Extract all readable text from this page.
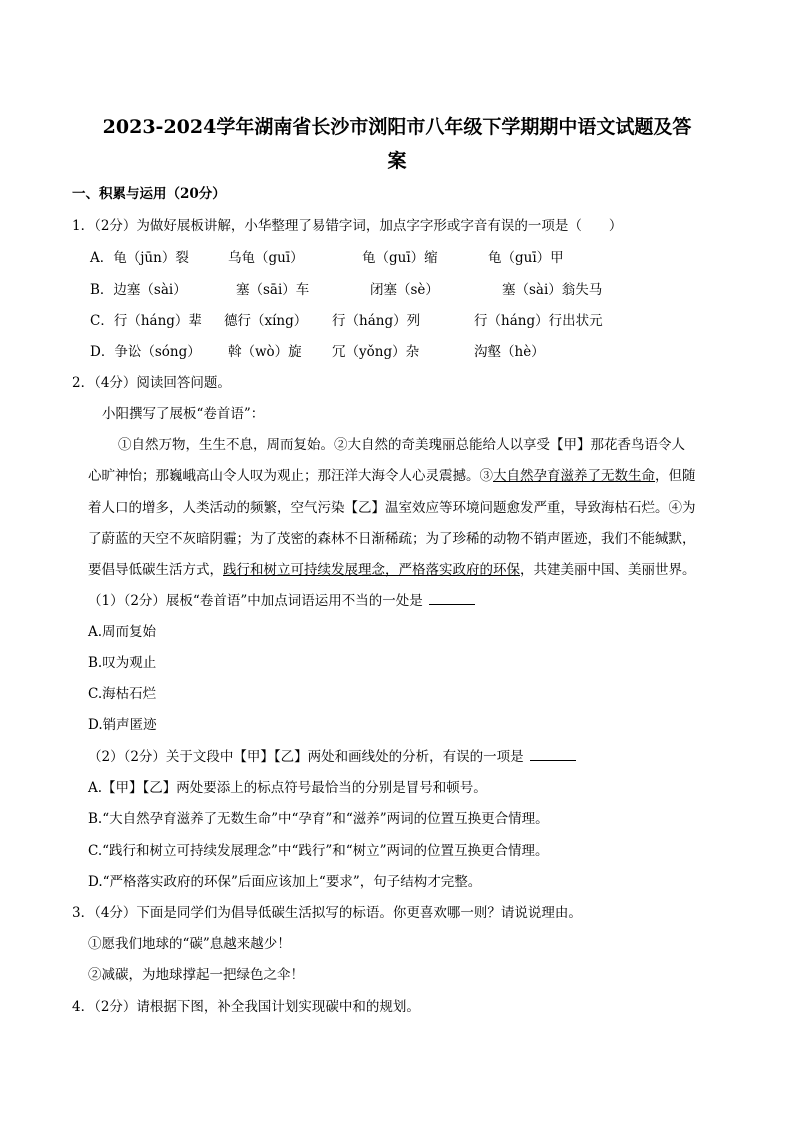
2023-2024学年湖南省长沙市浏阳市八年级下学期期中语文试题及答
案
一、积累与运用（20分）
1．（2分）为做好展板讲解，小华整理了易错字词，加点字字形或字音有误的一项是（　　）
A．龟（jūn）裂	乌龟（guī）	龟（guī）缩	龟（guī）甲
B．边塞（sài）	塞（sāi）车	闭塞（sè）	塞（sài）翁失马
C．行（háng）辈 德行（xíng） 行（háng）列	行（háng）行出状元
D．争讼（sóng） 斡（wò）旋 冗（yǒng）杂	沟壑（hè）
2．（4分）阅读回答问题。
小阳撰写了展板“卷首语”：
①自然万物，生生不息，周而复始。②大自然的奇美瑰丽总能给人以享受【甲】那花香鸟语令人
心旷神怡；那巍峨高山令人叹为观止；那汪洋大海令人心灵震撼。③大自然孕育滋养了无数生命，但随
着人口的增多，人类活动的频繁，空气污染【乙】温室效应等环境问题愈发严重，导致海枯石烂。④为
了蔚蓝的天空不灰暗阴霾；为了茂密的森林不日渐稀疏；为了珍稀的动物不销声匿迹，我们不能缄默，
要倡导低碳生活方式，践行和树立可持续发展理念，严格落实政府的环保，共建美丽中国、美丽世界。
（1）（2分）展板“卷首语”中加点词语运用不当的一处是
A.周而复始
B.叹为观止
C.海枯石烂
D.销声匿迹
（2）（2分）关于文段中【甲】【乙】两处和画线处的分析，有误的一项是
A.【甲】【乙】两处要添上的标点符号最恰当的分别是冒号和顿号。
B.“大自然孕育滋养了无数生命”中“孕育”和“滋养”两词的位置互换更合情理。
C.“践行和树立可持续发展理念”中“践行”和“树立”两词的位置互换更合情理。
D.“严格落实政府的环保”后面应该加上“要求”，句子结构才完整。
3．（4分）下面是同学们为倡导低碳生活拟写的标语。你更喜欢哪一则？请说说理由。
①愿我们地球的“碳”息越来越少！
②减碳，为地球撑起一把绿色之伞！
4．（2分）请根据下图，补全我国计划实现碳中和的规划。
